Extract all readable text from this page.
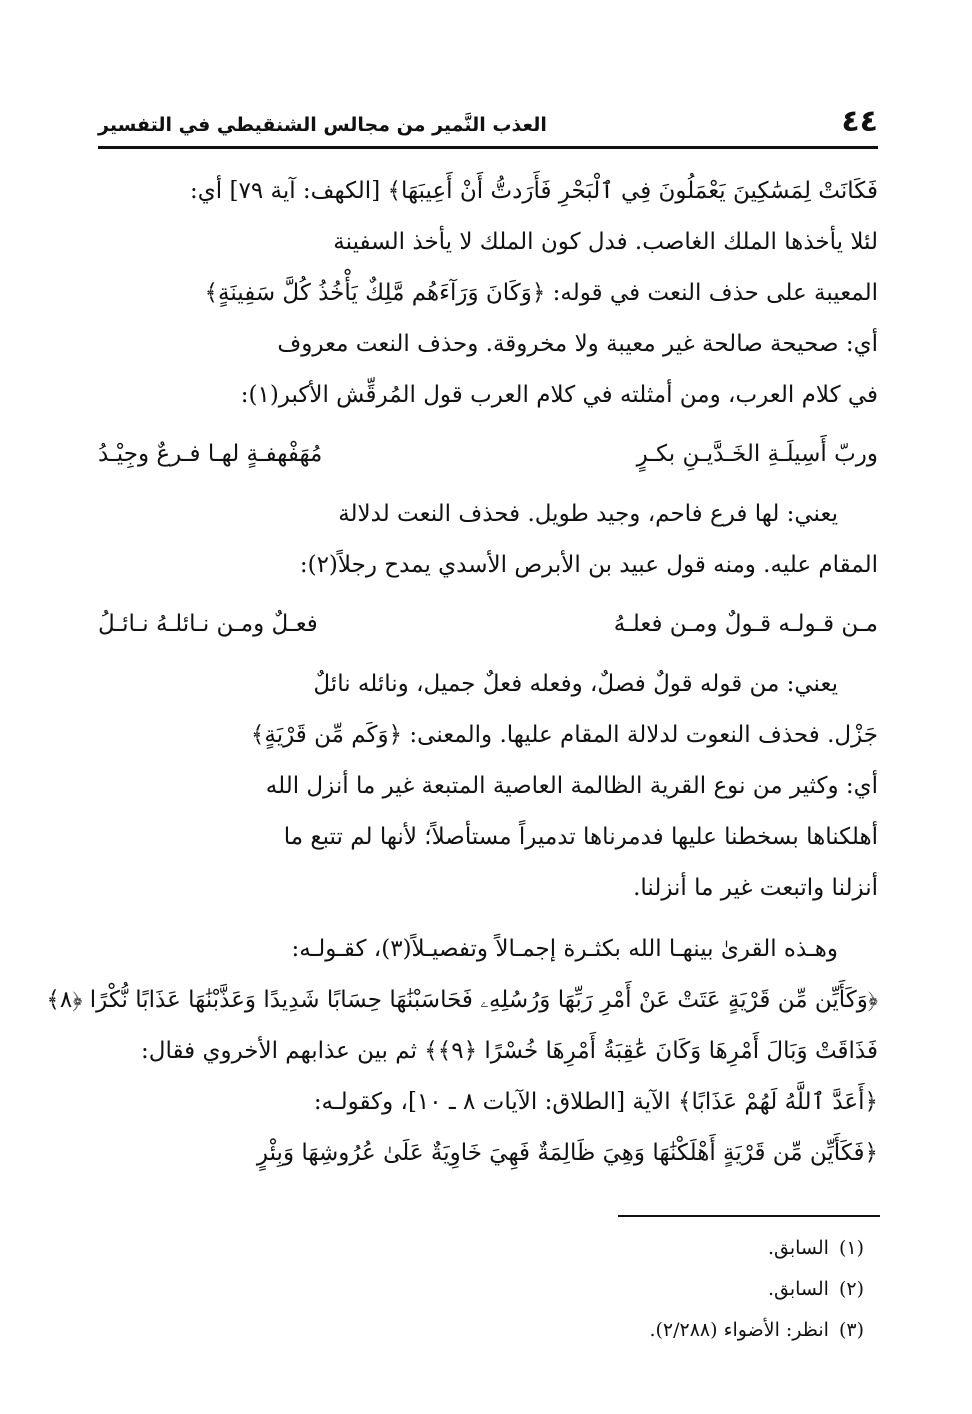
٤٤
العذب النَّمير من مجالس الشنقيطي في التفسير
فَكَانَتْ لِمَسَٰكِينَ يَعْمَلُونَ فِي ٱلْبَحْرِ فَأَرَدتُّ أَنْ أَعِيبَهَا﴾ [الكهف: آية ٧٩] أي:
لئلا يأخذها الملك الغاصب. فدل كون الملك لا يأخذ السفينة
المعيبة على حذف النعت في قوله: ﴿وَكَانَ وَرَآءَهُم مَّلِكٌ يَأْخُذُ كُلَّ سَفِينَةٍ﴾
أي: صحيحة صالحة غير معيبة ولا مخروقة. وحذف النعت معروف
في كلام العرب، ومن أمثلته في كلام العرب قول المُرقِّش الأكبر(١):
وربّ أَسِيلَـةِ الخَـدَّيـنِ بكـرٍ
مُهَفْهفـةٍ لهـا فـرعٌ وجِيْـدُ
يعني: لها فرع فاحم، وجيد طويل. فحذف النعت لدلالة
المقام عليه. ومنه قول عبيد بن الأبرص الأسدي يمدح رجلاً(٢):
مـن قـولـه قـولٌ ومـن فعلـهُ
فعـلٌ ومـن نـائلـهُ نـائـلُ
يعني: من قوله قولٌ فصلٌ، وفعله فعلٌ جميل، ونائله نائلٌ
جَزْل. فحذف النعوت لدلالة المقام عليها. والمعنى: ﴿وَكَم مِّن قَرْيَةٍ﴾
أي: وكثير من نوع القرية الظالمة العاصية المتبعة غير ما أنزل الله
أهلكناها بسخطنا عليها فدمرناها تدميراً مستأصلاً؛ لأنها لم تتبع ما
أنزلنا واتبعت غير ما أنزلنا.
وهـذه القرىٰ بينهـا الله بكثـرة إجمـالاً وتفصيـلاً(٣)، كقـولـه:
﴿وَكَأَيِّن مِّن قَرْيَةٍ عَتَتْ عَنْ أَمْرِ رَبِّهَا وَرُسُلِهِۦ فَحَاسَبْنَٰهَا حِسَابًا شَدِيدًا وَعَذَّبْنَٰهَا عَذَابًا نُّكْرًا ﴿٨﴾
فَذَاقَتْ وَبَالَ أَمْرِهَا وَكَانَ عَٰقِبَةُ أَمْرِهَا خُسْرًا ﴿٩﴾﴾ ثم بين عذابهم الأخروي فقال:
﴿أَعَدَّ ٱللَّهُ لَهُمْ عَذَابًا﴾ الآية [الطلاق: الآيات ٨ ـ ١٠]، وكقولـه:
﴿فَكَأَيِّن مِّن قَرْيَةٍ أَهْلَكْنَٰهَا وَهِيَ ظَالِمَةٌ فَهِيَ خَاوِيَةٌ عَلَىٰ عُرُوشِهَا وَبِئْرٍ
(١)السابق.
(٢)السابق.
(٣)انظر: الأضواء (٢/٢٨٨).
